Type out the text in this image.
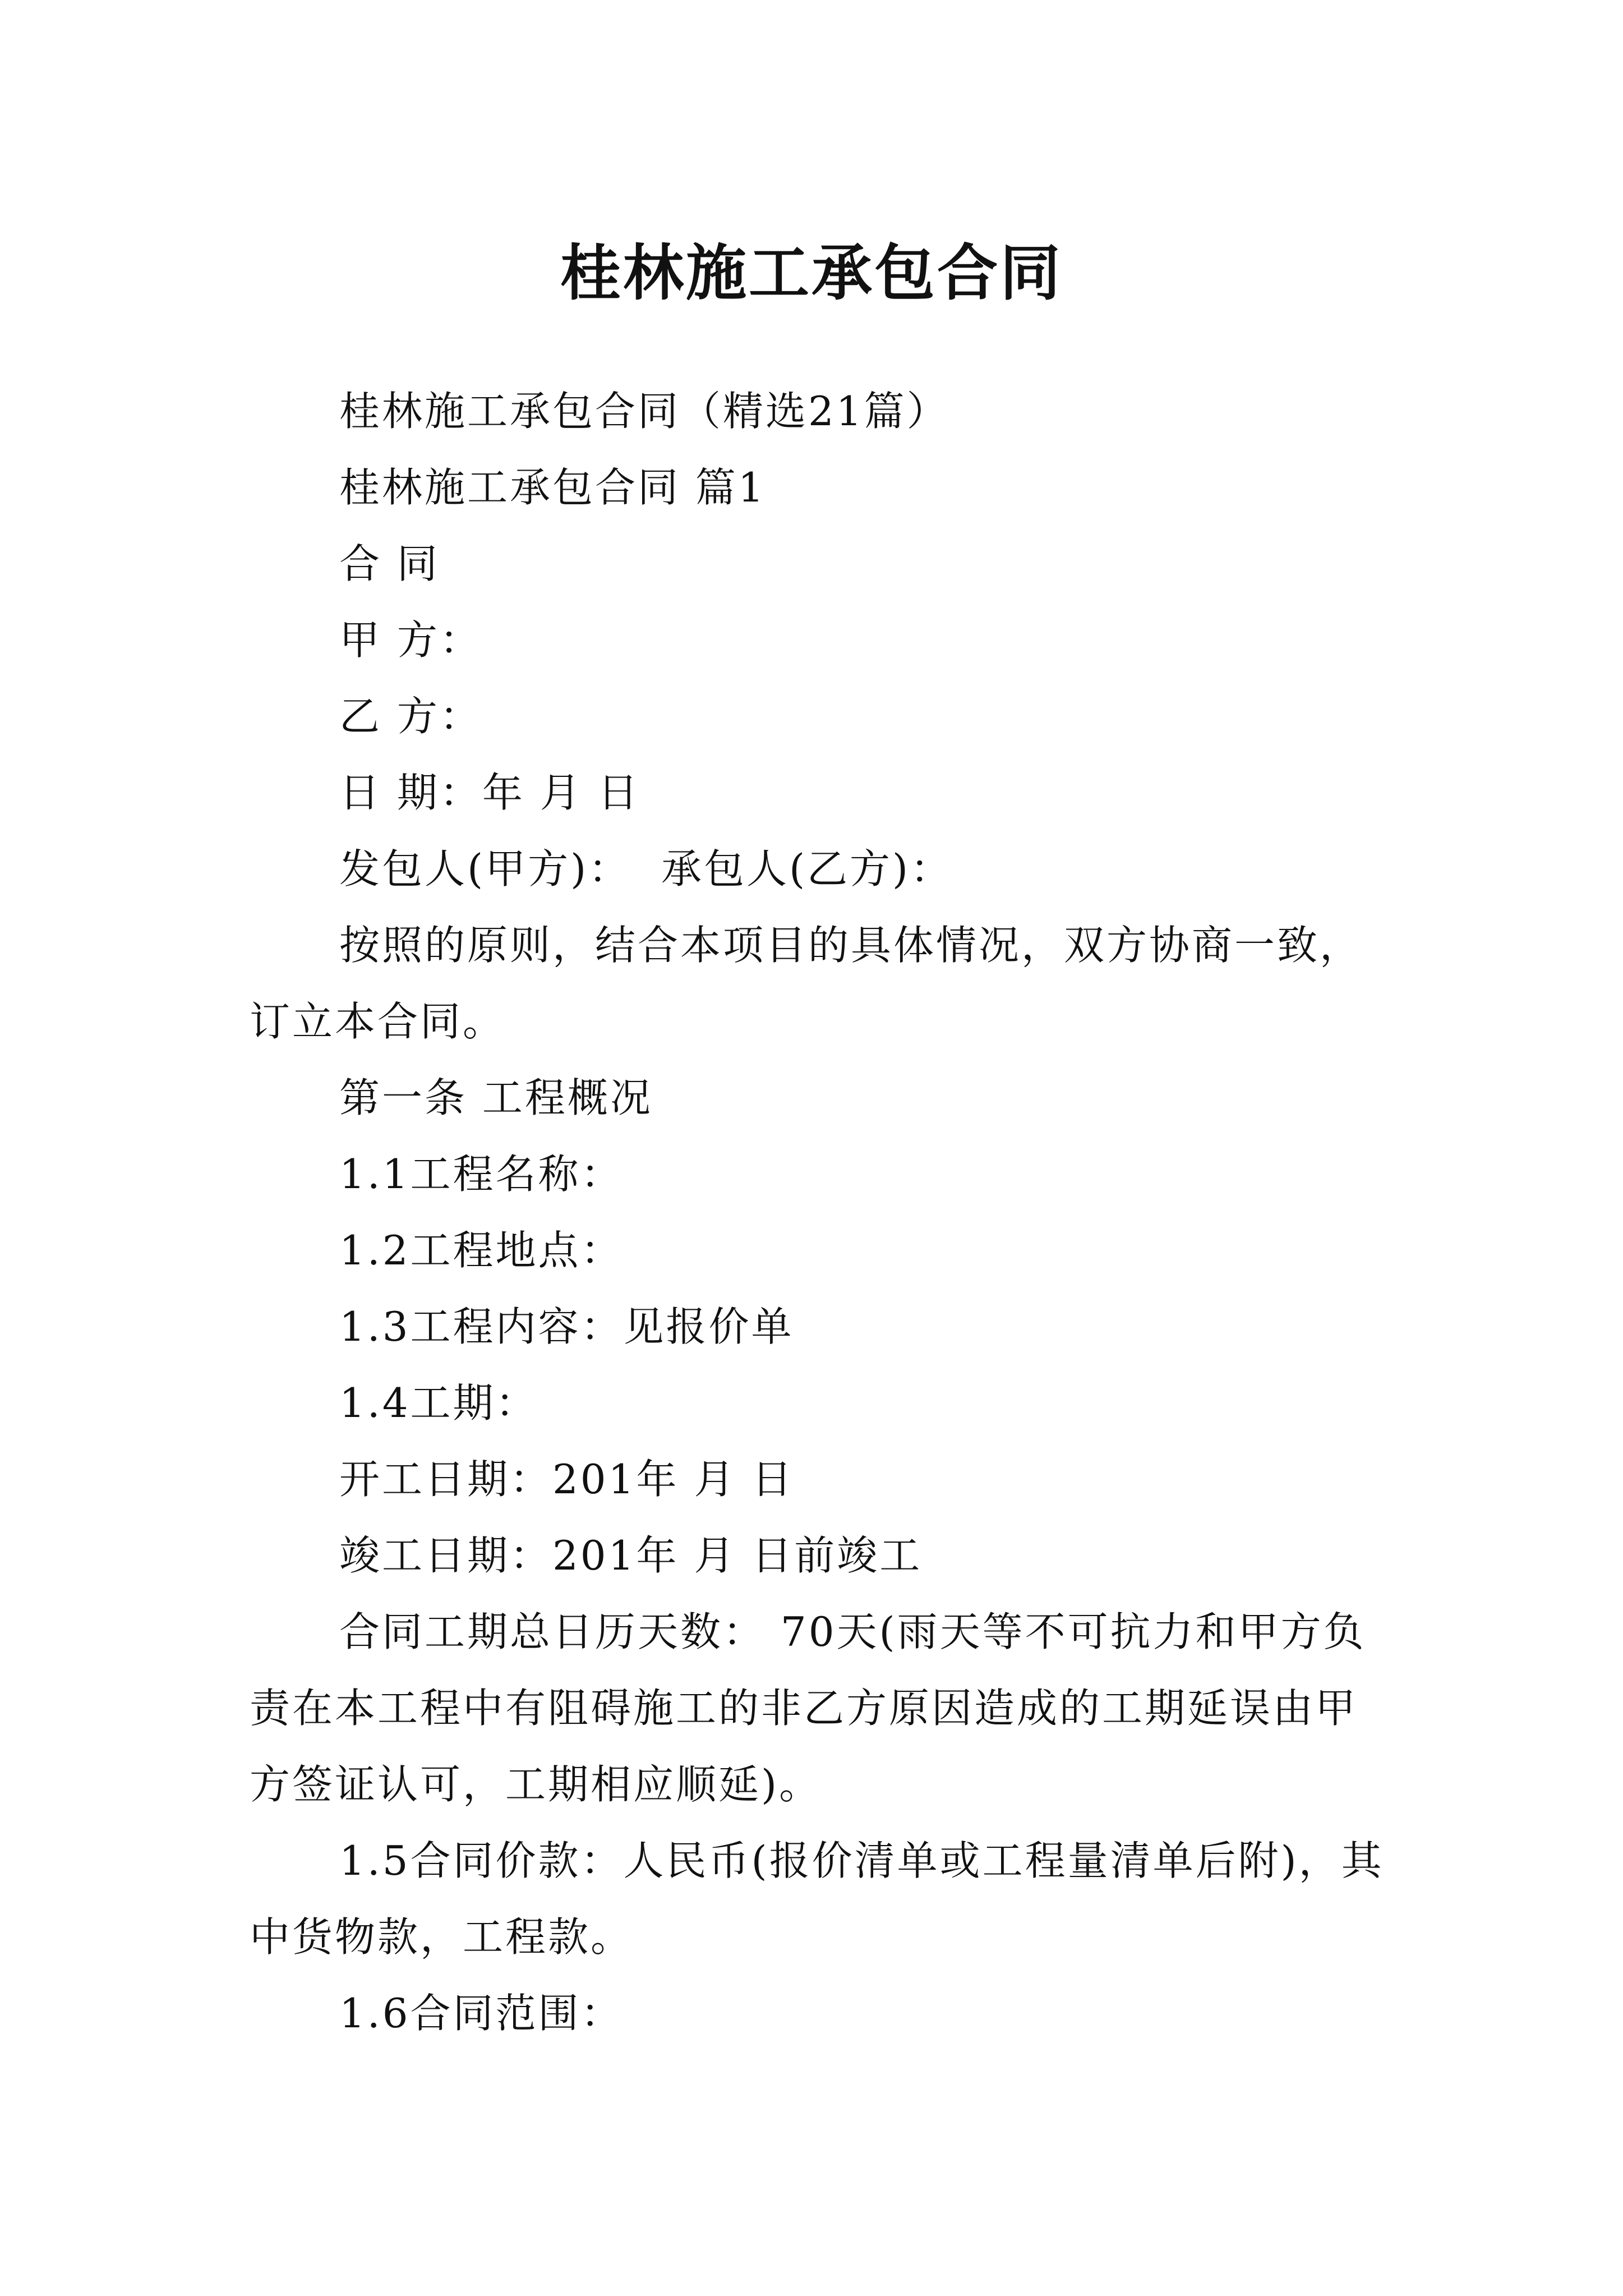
桂林施工承包合同

桂林施工承包合同（精选21篇）

桂林施工承包合同 篇1

合 同

甲 方：

乙 方：

日 期：年 月 日

发包人(甲方)：  承包人(乙方)：

按照的原则，结合本项目的具体情况，双方协商一致，订立本合同。

第一条 工程概况

1.1工程名称：

1.2工程地点：

1.3工程内容：见报价单

1.4工期：

开工日期：201年 月 日

竣工日期：201年 月 日前竣工

合同工期总日历天数： 70天(雨天等不可抗力和甲方负责在本工程中有阻碍施工的非乙方原因造成的工期延误由甲方签证认可，工期相应顺延)。

1.5合同价款：人民币(报价清单或工程量清单后附)，其中货物款，工程款。

1.6合同范围：
